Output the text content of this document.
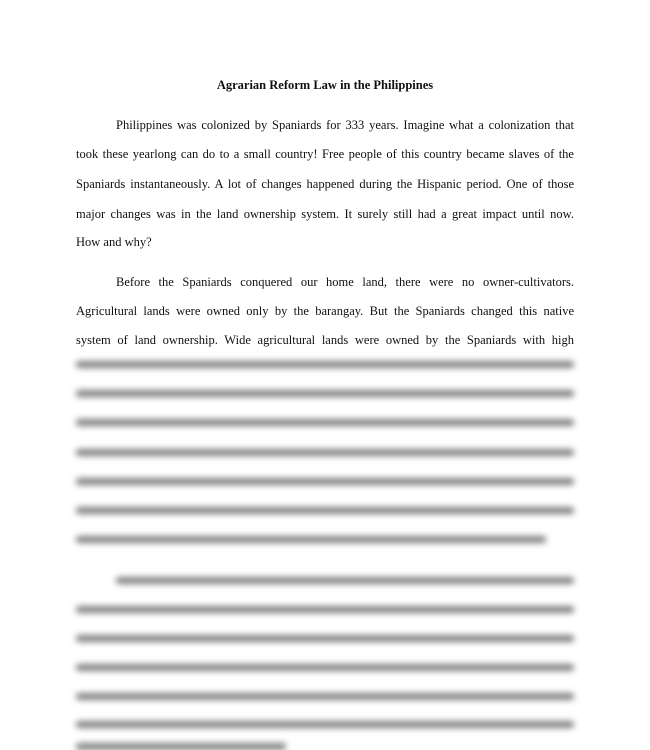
Agrarian Reform Law in the Philippines
Philippines was colonized by Spaniards for 333 years. Imagine what a colonization that
took these yearlong can do to a small country! Free people of this country became slaves of the
Spaniards instantaneously. A lot of changes happened during the Hispanic period. One of those
major changes was in the land ownership system. It surely still had a great impact until now.
How and why?
Before the Spaniards conquered our home land, there were no owner-cultivators.
Agricultural lands were owned only by the barangay. But the Spaniards changed this native
system of land ownership. Wide agricultural lands were owned by the Spaniards with high
